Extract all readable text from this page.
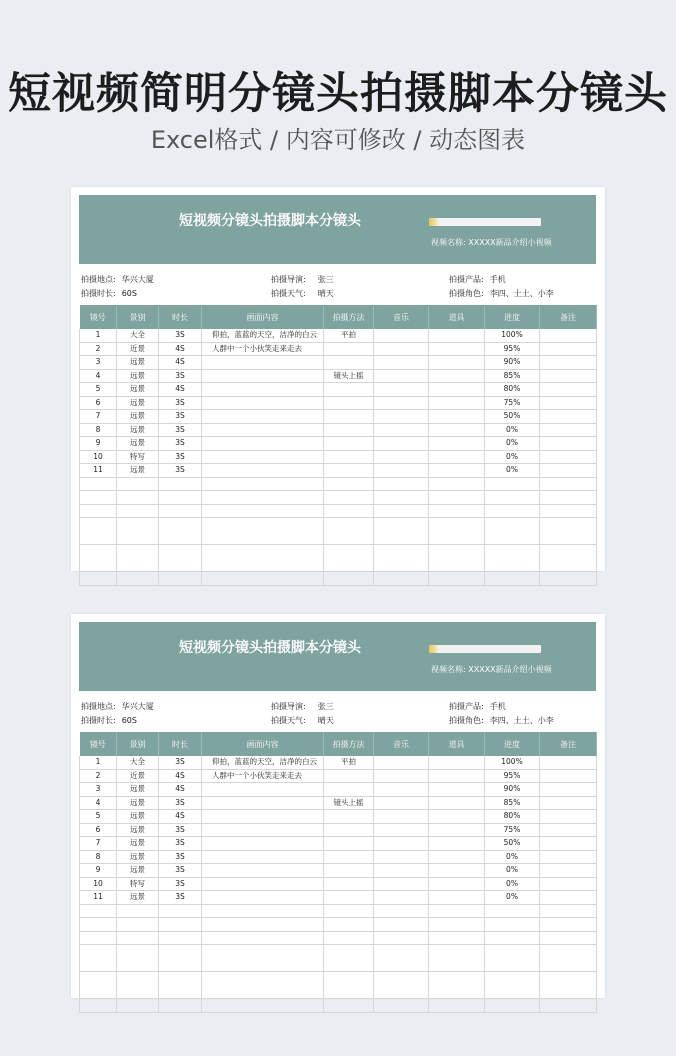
短视频简明分镜头拍摄脚本分镜头
Excel格式 / 内容可修改 / 动态图表
短视频分镜头拍摄脚本分镜头
视频名称: XXXXX新品介绍小视频
拍摄地点: 华兴大厦	拍摄导演: 张三	拍摄产品: 手机
拍摄时长: 60S	拍摄天气: 晴天	拍摄角色: 李四、土土、小李
镜号	景别	时长	画面内容	拍摄方法	音乐	道具	进度	备注
1	大全	3S	仰拍，蓝蓝的天空，洁净的白云	平拍			100%	
2	近景	4S	人群中一个小伙笑走来走去				95%	
3	远景	4S					90%	
4	远景	3S		镜头上摇			85%	
5	远景	4S					80%	
6	远景	3S					75%	
7	远景	3S					50%	
8	远景	3S					0%	
9	远景	3S					0%	
10	特写	3S					0%	
11	远景	3S					0%	

短视频分镜头拍摄脚本分镜头
视频名称: XXXXX新品介绍小视频
拍摄地点: 华兴大厦	拍摄导演: 张三	拍摄产品: 手机
拍摄时长: 60S	拍摄天气: 晴天	拍摄角色: 李四、土土、小李
镜号	景别	时长	画面内容	拍摄方法	音乐	道具	进度	备注
1	大全	3S	仰拍，蓝蓝的天空，洁净的白云	平拍			100%	
2	近景	4S	人群中一个小伙笑走来走去				95%	
3	远景	4S					90%	
4	远景	3S		镜头上摇			85%	
5	远景	4S					80%	
6	远景	3S					75%	
7	远景	3S					50%	
8	远景	3S					0%	
9	远景	3S					0%	
10	特写	3S					0%	
11	远景	3S					0%	
